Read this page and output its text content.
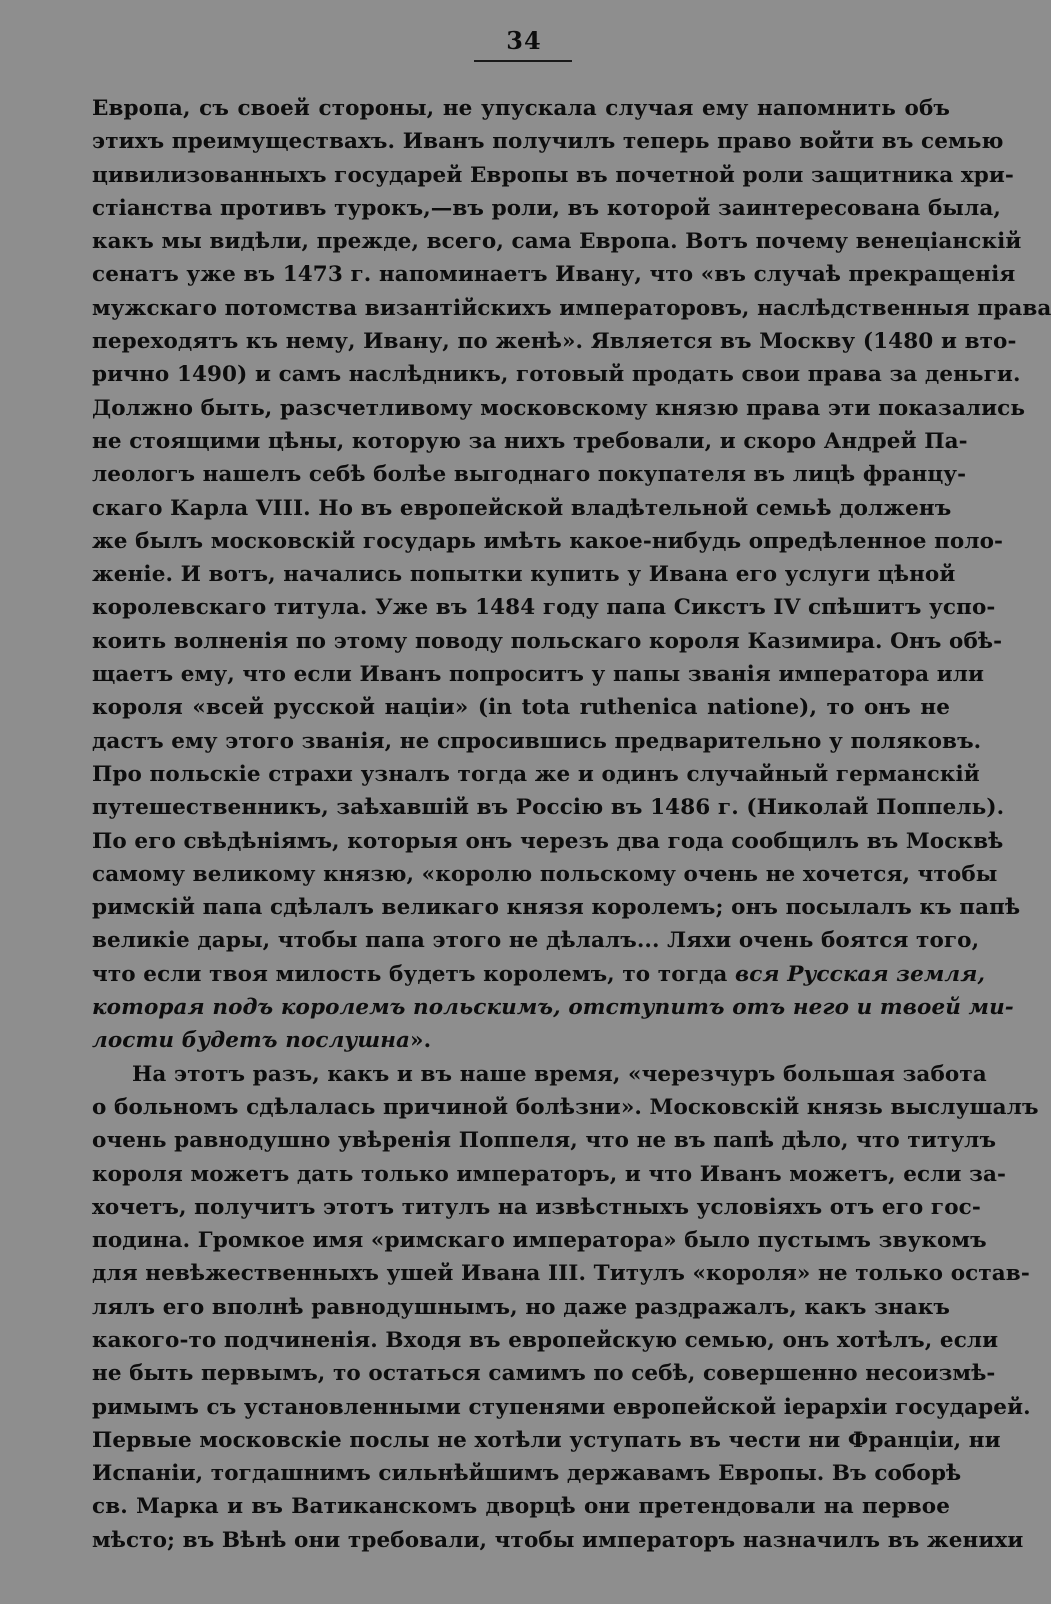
34
Европа, съ своей стороны, не упускала случая ему напомнить объ
этихъ преимуществахъ. Иванъ получилъ теперь право войти въ семью
цивилизованныхъ государей Европы въ почетной роли защитника хри-
стіанства противъ турокъ,—въ роли, въ которой заинтересована была,
какъ мы видѣли, прежде, всего, сама Европа. Вотъ почему венеціанскій
сенатъ уже въ 1473 г. напоминаетъ Ивану, что «въ случаѣ прекращенія
мужскаго потомства византійскихъ императоровъ, наслѣдственныя права
переходятъ къ нему, Ивану, по женѣ». Является въ Москву (1480 и вто-
рично 1490) и самъ наслѣдникъ, готовый продать свои права за деньги.
Должно быть, разсчетливому московскому князю права эти показались
не стоящими цѣны, которую за нихъ требовали, и скоро Андрей Па-
леологъ нашелъ себѣ болѣе выгоднаго покупателя въ лицѣ францу-
скаго Карла VIII. Но въ европейской владѣтельной семьѣ долженъ
же былъ московскій государь имѣть какое-нибудь опредѣленное поло-
женіе. И вотъ, начались попытки купить у Ивана его услуги цѣной
королевскаго титула. Уже въ 1484 году папа Сикстъ IV спѣшитъ успо-
коить волненія по этому поводу польскаго короля Казимира. Онъ обѣ-
щаетъ ему, что если Иванъ попроситъ у папы званія императора или
короля «всей русской націи» (in tota ruthenica natione), то онъ не
дастъ ему этого званія, не спросившись предварительно у поляковъ.
Про польскіе страхи узналъ тогда же и одинъ случайный германскій
путешественникъ, заѣхавшій въ Россію въ 1486 г. (Николай Поппель).
По его свѣдѣніямъ, которыя онъ черезъ два года сообщилъ въ Москвѣ
самому великому князю, «королю польскому очень не хочется, чтобы
римскій папа сдѣлалъ великаго князя королемъ; онъ посылалъ къ папѣ
великіе дары, чтобы папа этого не дѣлалъ... Ляхи очень боятся того,
что если твоя милость будетъ королемъ, то тогда вся Русская земля,
которая подъ королемъ польскимъ, отступитъ отъ него и твоей ми-
лости будетъ послушна».
На этотъ разъ, какъ и въ наше время, «черезчуръ большая забота
о больномъ сдѣлалась причиной болѣзни». Московскій князь выслушалъ
очень равнодушно увѣренія Поппеля, что не въ папѣ дѣло, что титулъ
короля можетъ дать только императоръ, и что Иванъ можетъ, если за-
хочетъ, получитъ этотъ титулъ на извѣстныхъ условіяхъ отъ его гос-
подина. Громкое имя «римскаго императора» было пустымъ звукомъ
для невѣжественныхъ ушей Ивана III. Титулъ «короля» не только остав-
лялъ его вполнѣ равнодушнымъ, но даже раздражалъ, какъ знакъ
какого-то подчиненія. Входя въ европейскую семью, онъ хотѣлъ, если
не быть первымъ, то остаться самимъ по себѣ, совершенно несоизмѣ-
римымъ съ установленными ступенями европейской іерархіи государей.
Первые московскіе послы не хотѣли уступать въ чести ни Франціи, ни
Испаніи, тогдашнимъ сильнѣйшимъ державамъ Европы. Въ соборѣ
св. Марка и въ Ватиканскомъ дворцѣ они претендовали на первое
мѣсто; въ Вѣнѣ они требовали, чтобы императоръ назначилъ въ женихи
